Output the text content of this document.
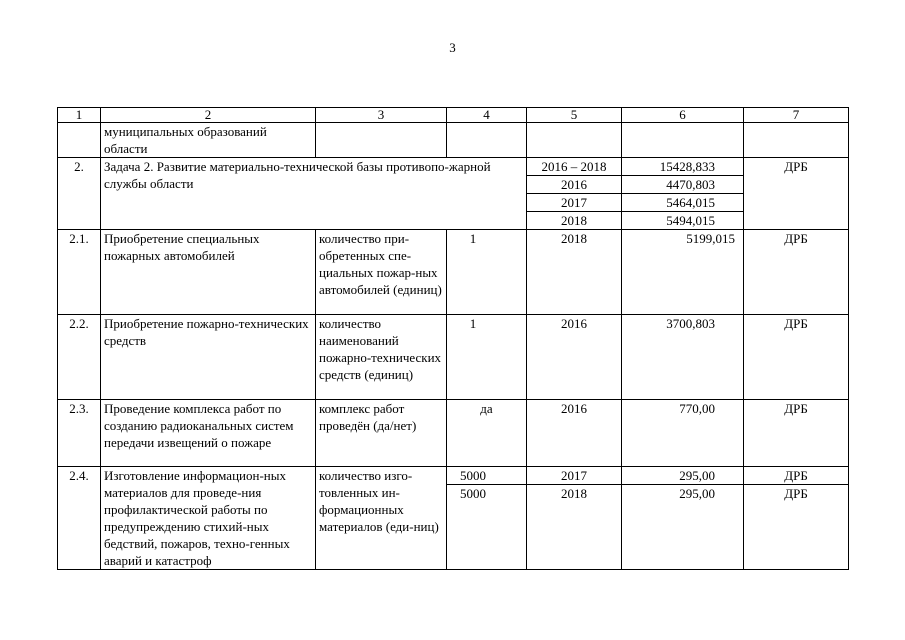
3
1	2	3	4	5	6	7
	муниципальных образований области					
2.	Задача 2. Развитие материально-технической базы противопо-жарной службы области			2016 – 2018	15428,833	ДРБ
				2016	4470,803	
				2017	5464,015	
				2018	5494,015	
2.1.	Приобретение специальных пожарных автомобилей	количество при-обретенных спе-циальных пожар-ных автомобилей (единиц)	1	2018	5199,015	ДРБ
2.2.	Приобретение пожарно-технических средств	количество наименований пожарно-технических средств (единиц)	1	2016	3700,803	ДРБ
2.3.	Проведение комплекса работ по созданию радиоканальных систем передачи извещений о пожаре	комплекс работ проведён (да/нет)	да	2016	770,00	ДРБ
2.4.	Изготовление информацион-ных материалов для проведе-ния профилактической работы по предупреждению стихий-ных бедствий, пожаров, техно-генных аварий и катастроф	количество изго-товленных ин-формационных материалов (еди-ниц)	5000	2017	295,00	ДРБ
			5000	2018	295,00	ДРБ
